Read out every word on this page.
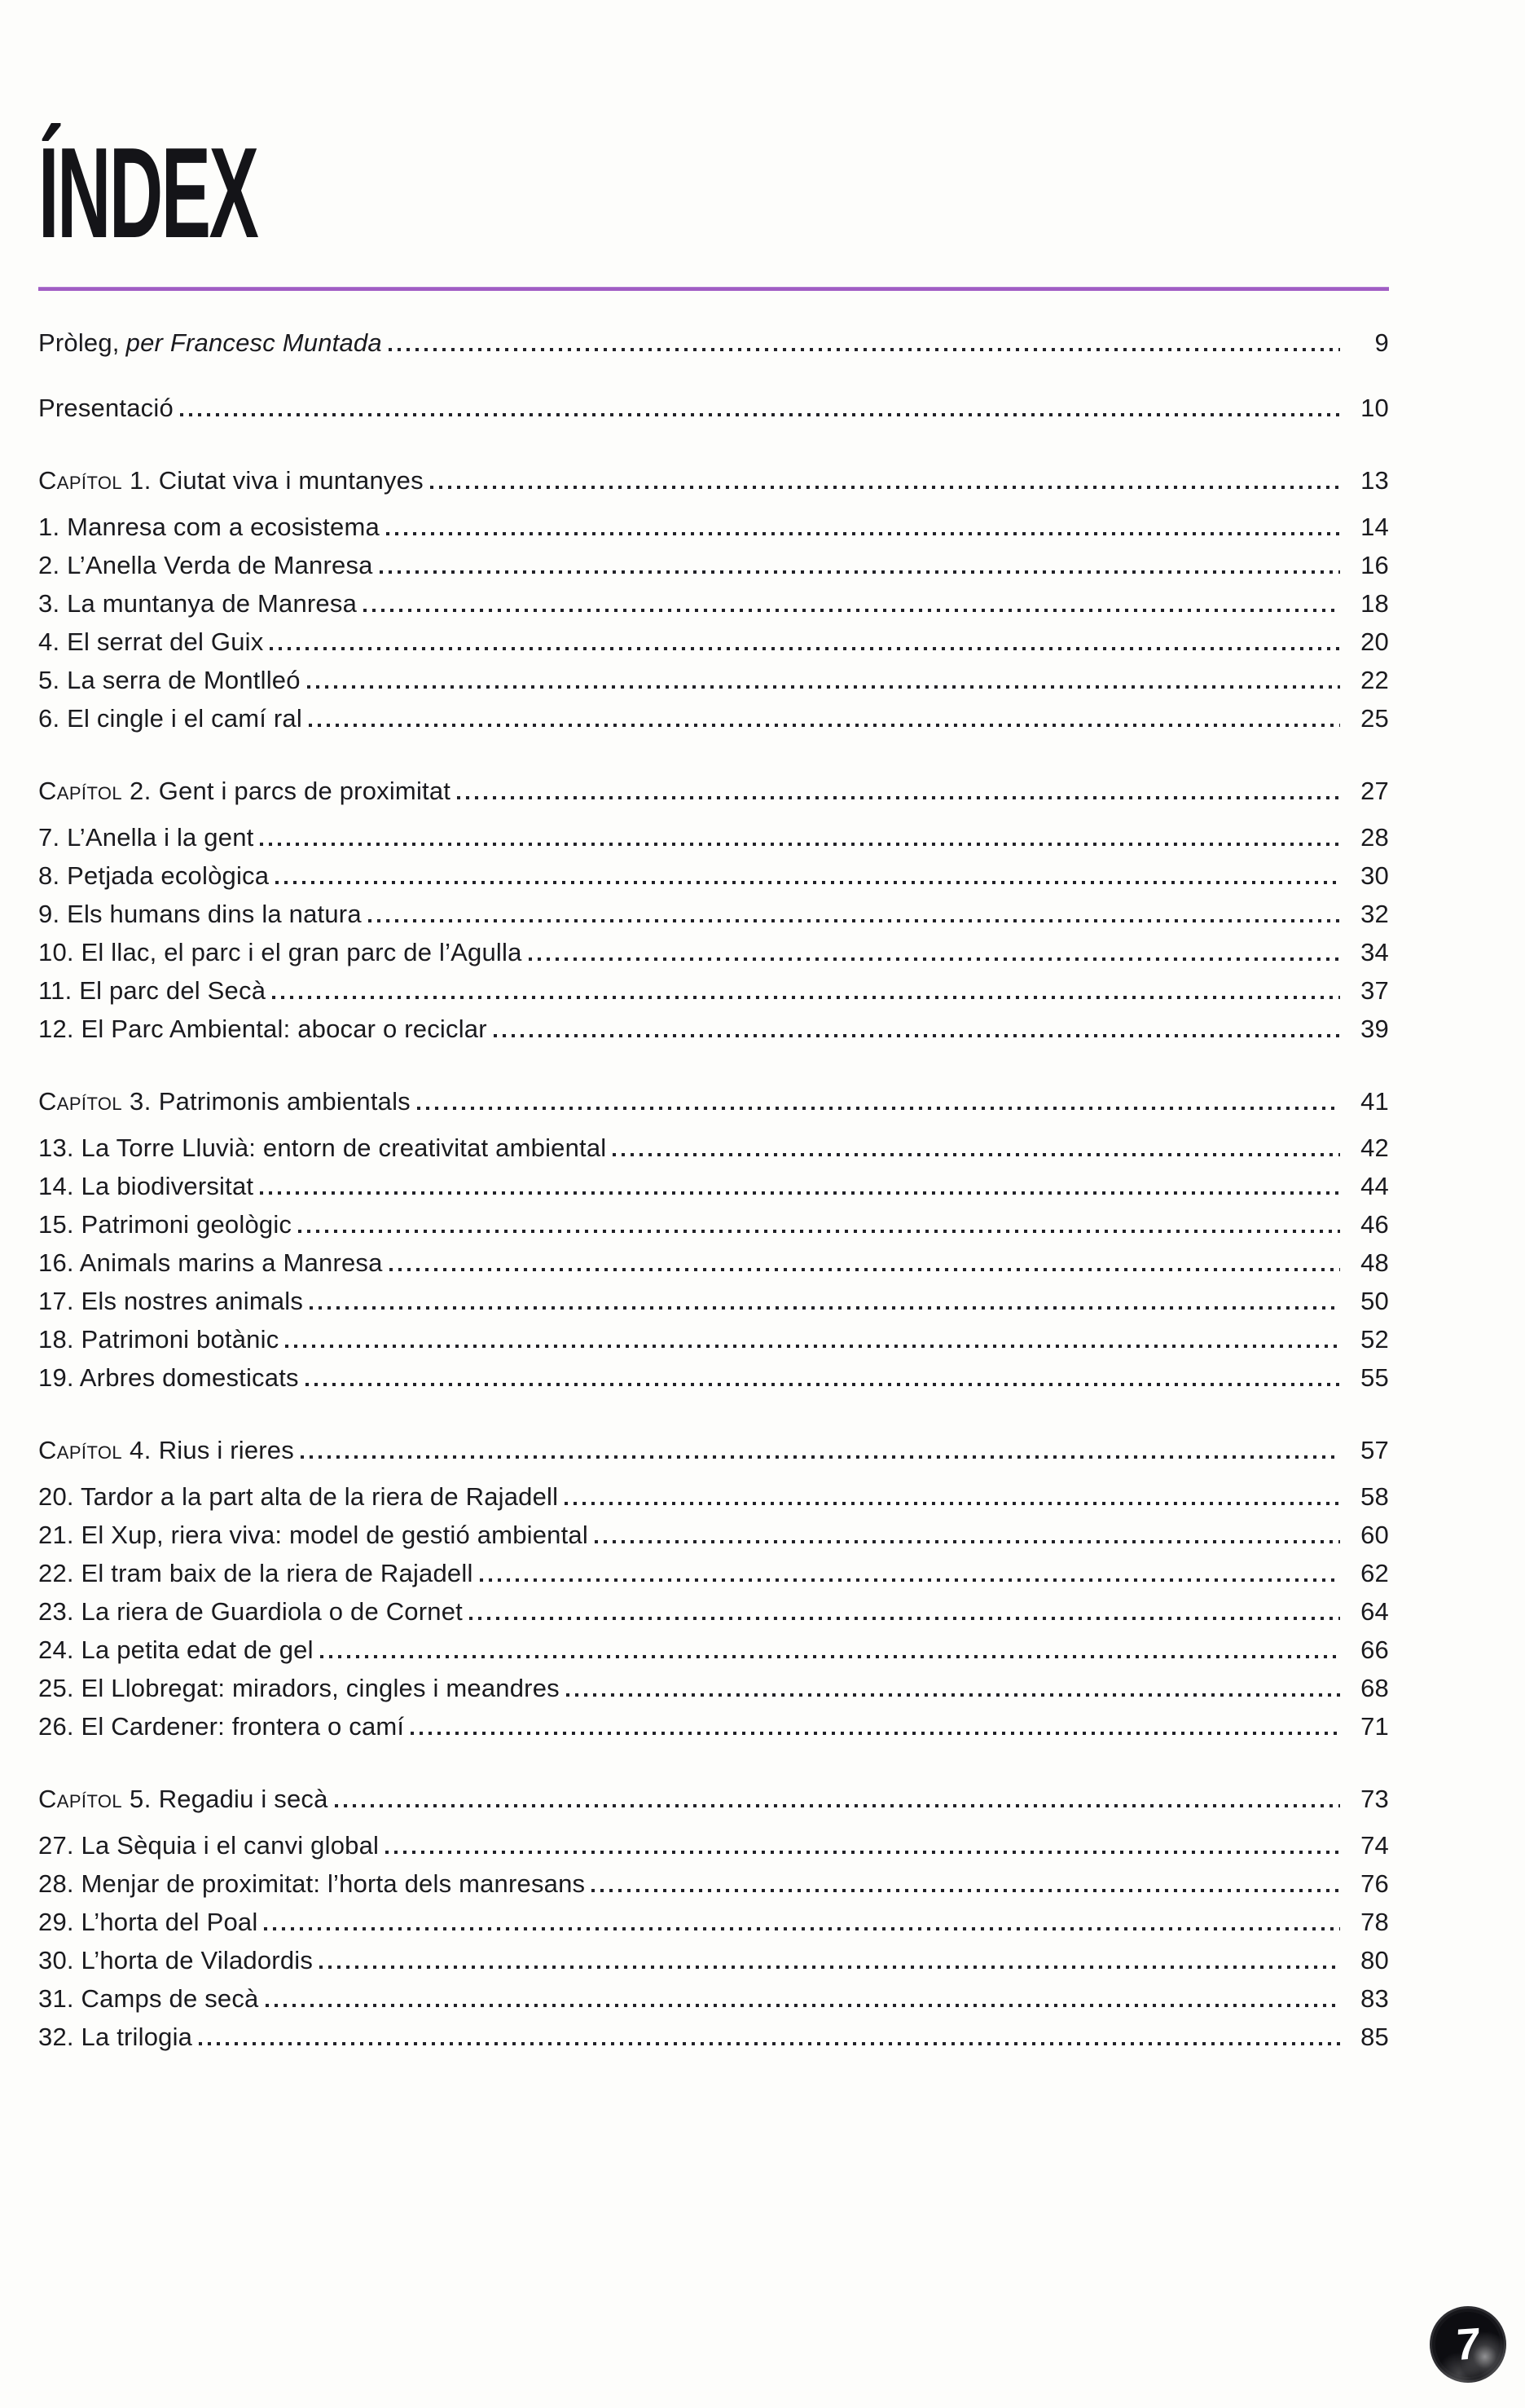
ÍNDEX
Pròleg, per Francesc Muntada	9
Presentació	10
Capítol 1. Ciutat viva i muntanyes	13
1. Manresa com a ecosistema	14
2. L’Anella Verda de Manresa	16
3. La muntanya de Manresa	18
4. El serrat del Guix	20
5. La serra de Montlleó	22
6. El cingle i el camí ral	25
Capítol 2. Gent i parcs de proximitat	27
7. L’Anella i la gent	28
8. Petjada ecològica	30
9. Els humans dins la natura	32
10. El llac, el parc i el gran parc de l’Agulla	34
11. El parc del Secà	37
12. El Parc Ambiental: abocar o reciclar	39
Capítol 3. Patrimonis ambientals	41
13. La Torre Lluvià: entorn de creativitat ambiental	42
14. La biodiversitat	44
15. Patrimoni geològic	46
16. Animals marins a Manresa	48
17. Els nostres animals	50
18. Patrimoni botànic	52
19. Arbres domesticats	55
Capítol 4. Rius i rieres	57
20. Tardor a la part alta de la riera de Rajadell	58
21. El Xup, riera viva: model de gestió ambiental	60
22. El tram baix de la riera de Rajadell	62
23. La riera de Guardiola o de Cornet	64
24. La petita edat de gel	66
25. El Llobregat: miradors, cingles i meandres	68
26. El Cardener: frontera o camí	71
Capítol 5. Regadiu i secà	73
27. La Sèquia i el canvi global	74
28. Menjar de proximitat: l’horta dels manresans	76
29. L’horta del Poal	78
30. L’horta de Viladordis	80
31. Camps de secà	83
32. La trilogia	85
7
